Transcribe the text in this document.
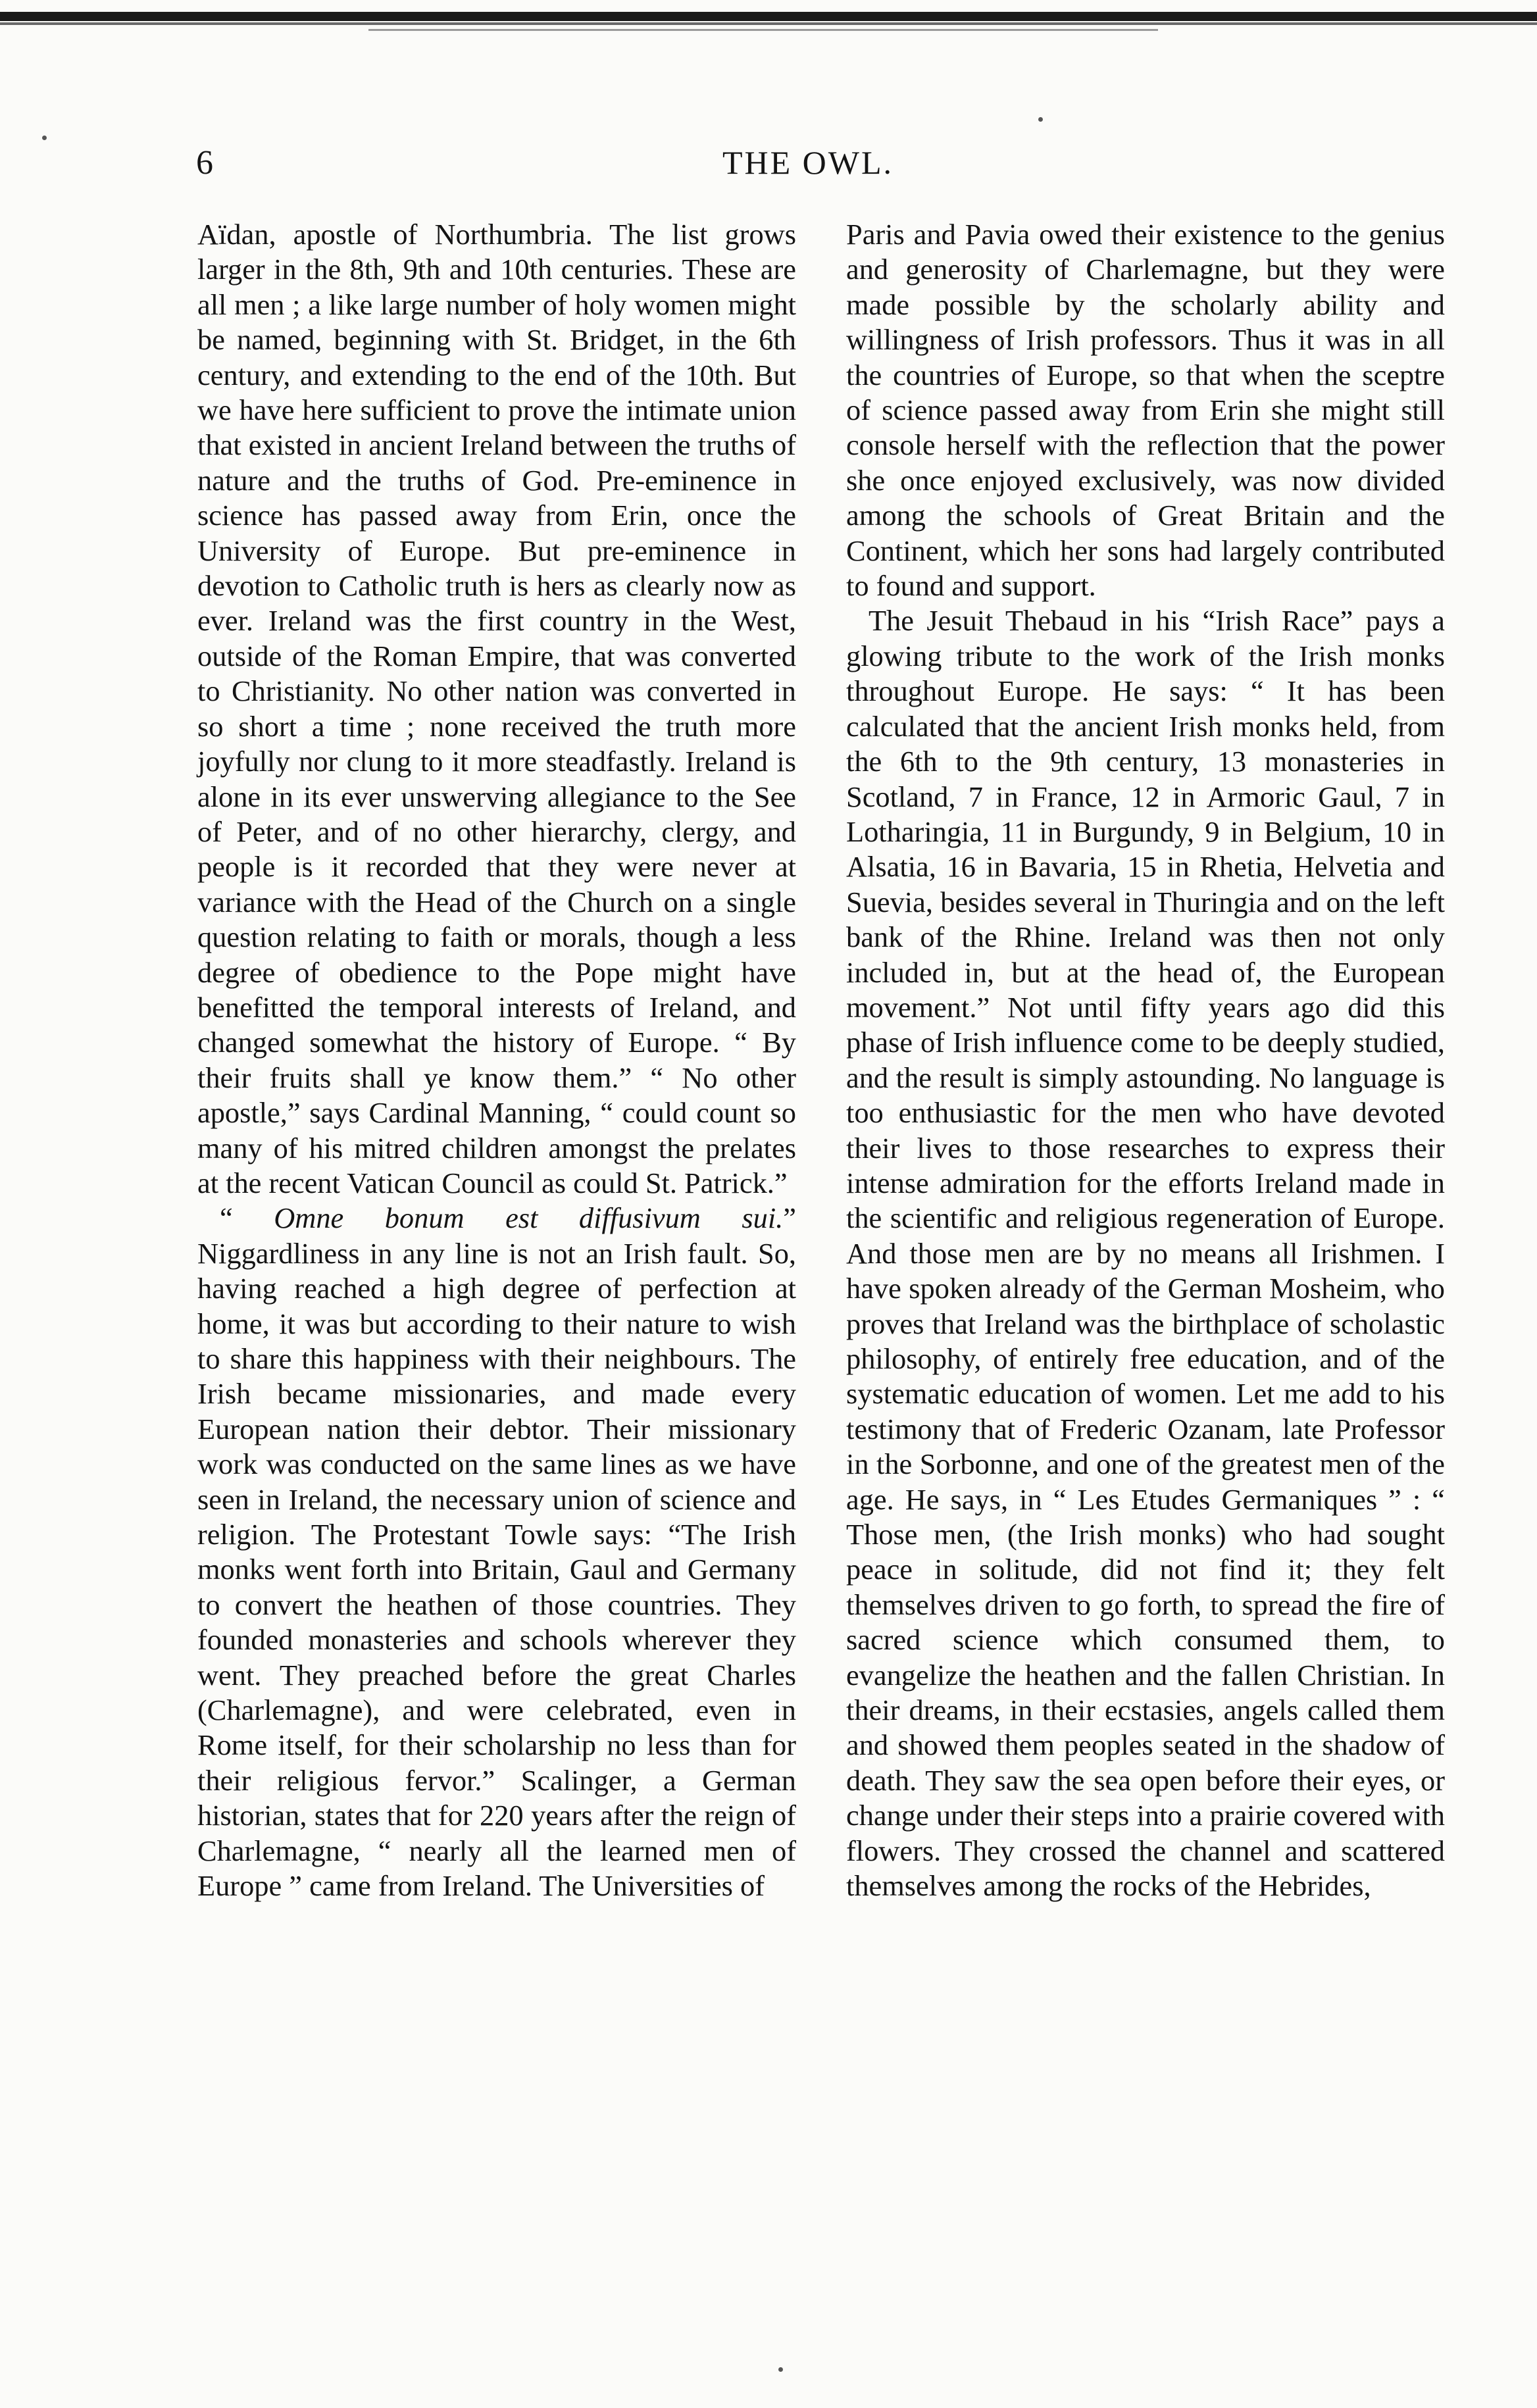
6	THE OWL.

Aïdan, apostle of Northumbria. The list grows larger in the 8th, 9th and 10th centuries. These are all men ; a like large number of holy women might be named, beginning with St. Bridget, in the 6th century, and extending to the end of the 10th. But we have here sufficient to prove the intimate union that existed in ancient Ireland between the truths of nature and the truths of God. Pre-eminence in science has passed away from Erin, once the University of Europe. But pre-eminence in devotion to Catholic truth is hers as clearly now as ever. Ireland was the first country in the West, outside of the Roman Empire, that was converted to Christianity. No other nation was converted in so short a time ; none received the truth more joyfully nor clung to it more steadfastly. Ireland is alone in its ever unswerving allegiance to the See of Peter, and of no other hierarchy, clergy, and people is it recorded that they were never at variance with the Head of the Church on a single question relating to faith or morals, though a less degree of obedience to the Pope might have benefitted the temporal interests of Ireland, and changed somewhat the history of Europe. “ By their fruits shall ye know them.” “ No other apostle,” says Cardinal Manning, “ could count so many of his mitred children amongst the prelates at the recent Vatican Council as could St. Patrick.”

“ Omne bonum est diffusivum sui.” Niggardliness in any line is not an Irish fault. So, having reached a high degree of perfection at home, it was but according to their nature to wish to share this happiness with their neighbours. The Irish became missionaries, and made every European nation their debtor. Their missionary work was conducted on the same lines as we have seen in Ireland, the necessary union of science and religion. The Protestant Towle says: “The Irish monks went forth into Britain, Gaul and Germany to convert the heathen of those countries. They founded monasteries and schools wherever they went. They preached before the great Charles (Charlemagne), and were celebrated, even in Rome itself, for their scholarship no less than for their religious fervor.” Scalinger, a German historian, states that for 220 years after the reign of Charlemagne, “ nearly all the learned men of Europe ” came from Ireland. The Universities of

Paris and Pavia owed their existence to the genius and generosity of Charlemagne, but they were made possible by the scholarly ability and willingness of Irish professors. Thus it was in all the countries of Europe, so that when the sceptre of science passed away from Erin she might still console herself with the reflection that the power she once enjoyed exclusively, was now divided among the schools of Great Britain and the Continent, which her sons had largely contributed to found and support.

The Jesuit Thebaud in his “Irish Race” pays a glowing tribute to the work of the Irish monks throughout Europe. He says: “ It has been calculated that the ancient Irish monks held, from the 6th to the 9th century, 13 monasteries in Scotland, 7 in France, 12 in Armoric Gaul, 7 in Lotharingia, 11 in Burgundy, 9 in Belgium, 10 in Alsatia, 16 in Bavaria, 15 in Rhetia, Helvetia and Suevia, besides several in Thuringia and on the left bank of the Rhine. Ireland was then not only included in, but at the head of, the European movement.” Not until fifty years ago did this phase of Irish influence come to be deeply studied, and the result is simply astounding. No language is too enthusiastic for the men who have devoted their lives to those researches to express their intense admiration for the efforts Ireland made in the scientific and religious regeneration of Europe. And those men are by no means all Irishmen. I have spoken already of the German Mosheim, who proves that Ireland was the birthplace of scholastic philosophy, of entirely free education, and of the systematic education of women. Let me add to his testimony that of Frederic Ozanam, late Professor in the Sorbonne, and one of the greatest men of the age. He says, in “ Les Etudes Germaniques ” : “ Those men, (the Irish monks) who had sought peace in solitude, did not find it; they felt themselves driven to go forth, to spread the fire of sacred science which consumed them, to evangelize the heathen and the fallen Christian. In their dreams, in their ecstasies, angels called them and showed them peoples seated in the shadow of death. They saw the sea open before their eyes, or change under their steps into a prairie covered with flowers. They crossed the channel and scattered themselves among the rocks of the Hebrides,
